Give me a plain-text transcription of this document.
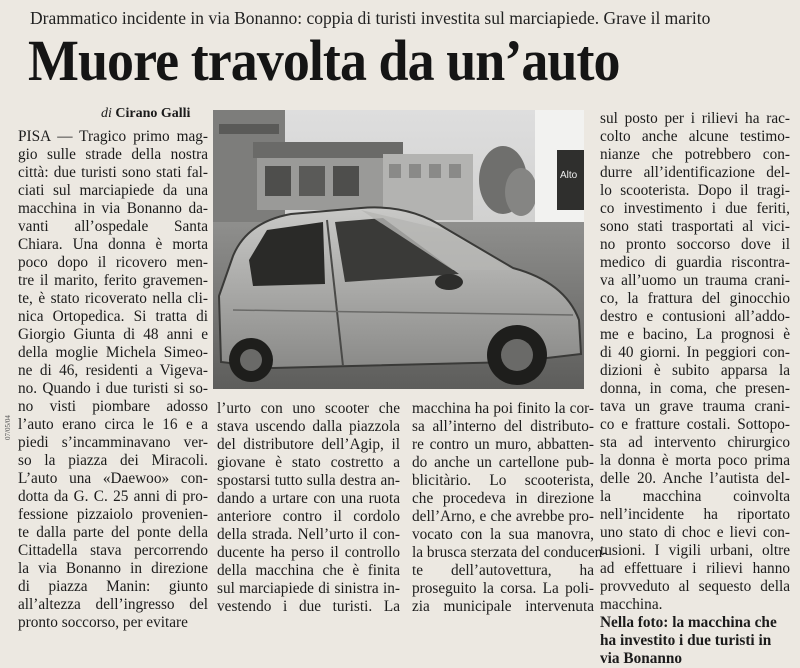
Drammatico incidente in via Bonanno: coppia di turisti investita sul marciapiede. Grave il marito
Muore travolta da un’auto
di Cirano Galli
Alto
PISA — Tragico primo mag-
gio sulle strade della nostra
città: due turisti sono stati fal-
ciati sul marciapiede da una
macchina in via Bonanno da-
vanti all’ospedale Santa
Chiara. Una donna è morta
poco dopo il ricovero men-
tre il marito, ferito gravemen-
te, è stato ricoverato nella cli-
nica Ortopedica. Si tratta di
Giorgio Giunta di 48 anni e
della moglie Michela Simeo-
ne di 46, residenti a Vigeva-
no. Quando i due turisti si so-
no visti piombare adosso
l’auto erano circa le 16 e a
piedi s’incamminavano ver-
so la piazza dei Miracoli.
L’auto una «Daewoo» con-
dotta da G. C. 25 anni di pro-
fessione pizzaiolo provenien-
te dalla parte del ponte della
Cittadella stava percorrendo
la via Bonanno in direzione
di piazza Manin: giunto
all’altezza dell’ingresso del
pronto soccorso, per evitare
l’urto con uno scooter che
stava uscendo dalla piazzola
del distributore dell’Agip, il
giovane è stato costretto a
spostarsi tutto sulla destra an-
dando a urtare con una ruota
anteriore contro il cordolo
della strada. Nell’urto il con-
ducente ha perso il controllo
della macchina che è finita
sul marciapiede di sinistra in-
vestendo i due turisti. La
macchina ha poi finito la cor-
sa all’interno del distributo-
re contro un muro, abbatten-
do anche un cartellone pub-
blicitàrio. Lo scooterista,
che procedeva in direzione
dell’Arno, e che avrebbe pro-
vocato con la sua manovra,
la brusca sterzata del conducen-
te dell’autovettura, ha
proseguito la corsa. La poli-
zia municipale intervenuta
sul posto per i rilievi ha rac-
colto anche alcune testimo-
nianze che potrebbero con-
durre all’identificazione del-
lo scooterista. Dopo il tragi-
co investimento i due feriti,
sono stati trasportati al vici-
no pronto soccorso dove il
medico di guardia riscontra-
va all’uomo un trauma crani-
co, la frattura del ginocchio
destro e contusioni all’addo-
me e bacino, La prognosi è
di 40 giorni. In peggiori con-
dizioni è subito apparsa la
donna, in coma, che presen-
tava un grave trauma crani-
co e fratture costali. Sottopo-
sta ad intervento chirurgico
la donna è morta poco prima
delle 20. Anche l’autista del-
la macchina coinvolta
nell’incidente ha riportato
uno stato di choc e lievi con-
tusioni. I vigili urbani, oltre
ad effettuare i rilievi hanno
provveduto al sequesto della
macchina.
Nella foto: la macchina che
ha investito i due turisti in
via Bonanno
07/05/04
